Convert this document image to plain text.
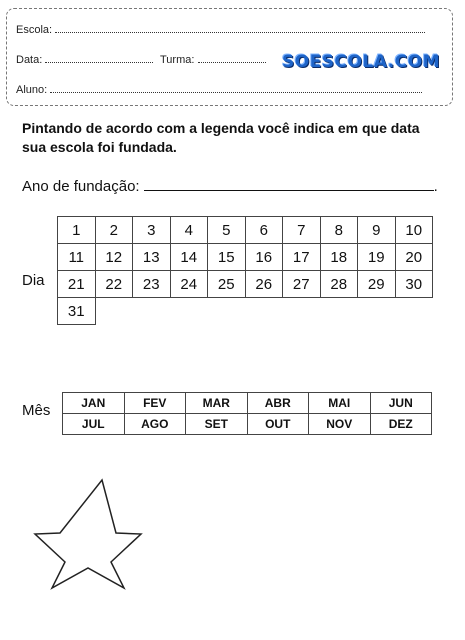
Escola:
Data:	Turma:	SOESCOLA.COM
Aluno:
Pintando de acordo com a legenda você indica em que data sua escola foi fundada.
Ano de fundação:	.
Dia
1	2	3	4	5	6	7	8	9	10
11	12	13	14	15	16	17	18	19	20
21	22	23	24	25	26	27	28	29	30
31									
Mês	JAN	FEV	MAR	ABR	MAI	JUN
JUL	AGO	SET	OUT	NOV	DEZ
